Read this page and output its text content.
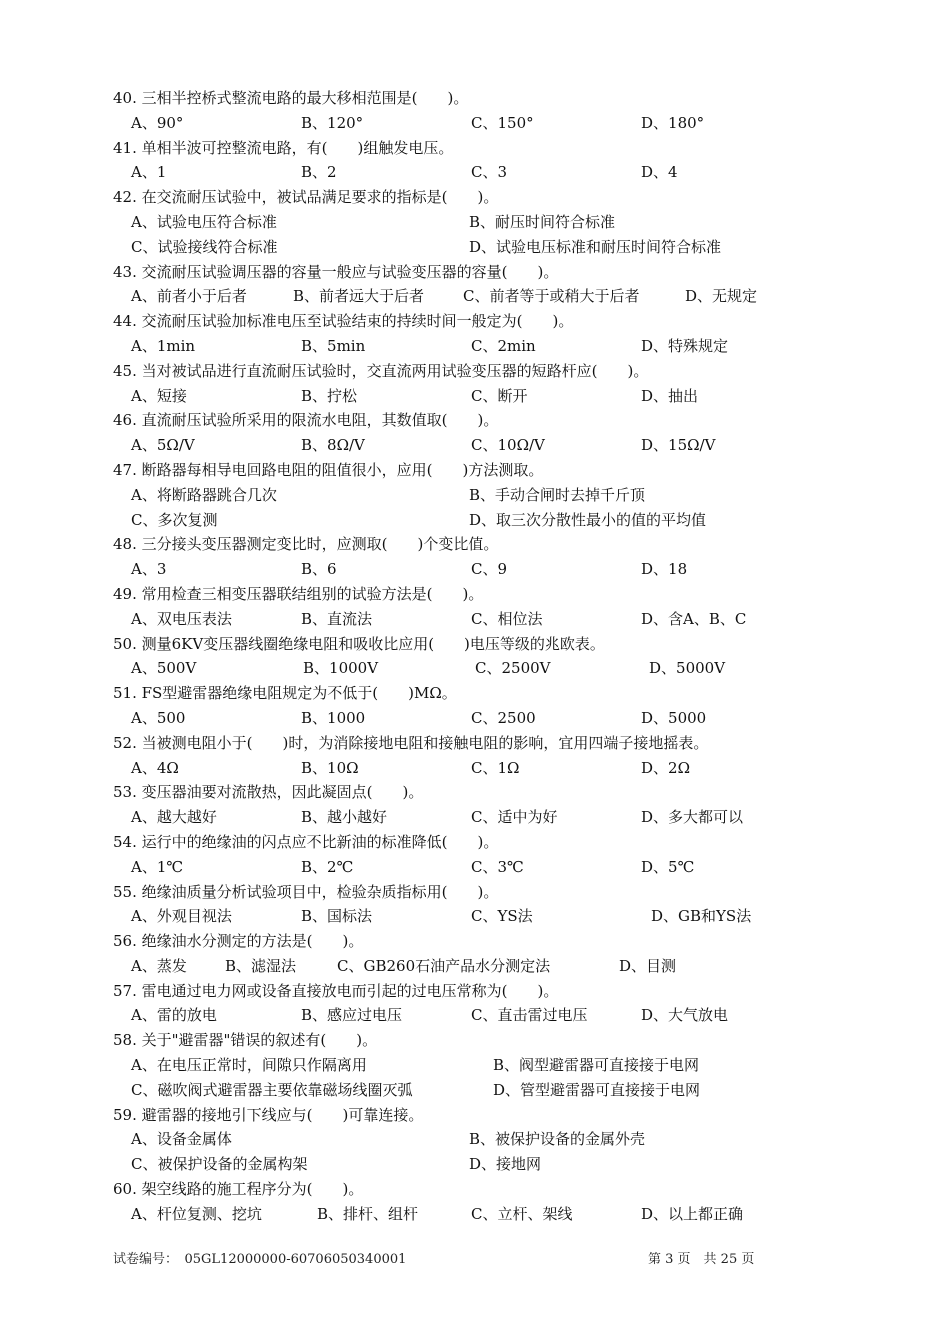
40. 三相半控桥式整流电路的最大移相范围是(　　)。
A、90°	B、120°	C、150°	D、180°
41. 单相半波可控整流电路，有(　　)组触发电压。
A、1	B、2	C、3	D、4
42. 在交流耐压试验中，被试品满足要求的指标是(　　)。
A、试验电压符合标准	B、耐压时间符合标准
C、试验接线符合标准	D、试验电压标准和耐压时间符合标准
43. 交流耐压试验调压器的容量一般应与试验变压器的容量(　　)。
A、前者小于后者	B、前者远大于后者	C、前者等于或稍大于后者	D、无规定
44. 交流耐压试验加标准电压至试验结束的持续时间一般定为(　　)。
A、1min	B、5min	C、2min	D、特殊规定
45. 当对被试品进行直流耐压试验时，交直流两用试验变压器的短路杆应(　　)。
A、短接	B、拧松	C、断开	D、抽出
46. 直流耐压试验所采用的限流水电阻，其数值取(　　)。
A、5Ω/V	B、8Ω/V	C、10Ω/V	D、15Ω/V
47. 断路器每相导电回路电阻的阻值很小，应用(　　)方法测取。
A、将断路器跳合几次	B、手动合闸时去掉千斤顶
C、多次复测	D、取三次分散性最小的值的平均值
48. 三分接头变压器测定变比时，应测取(　　)个变比值。
A、3	B、6	C、9	D、18
49. 常用检查三相变压器联结组别的试验方法是(　　)。
A、双电压表法	B、直流法	C、相位法	D、含A、B、C
50. 测量6KV变压器线圈绝缘电阻和吸收比应用(　　)电压等级的兆欧表。
A、500V	B、1000V	C、2500V	D、5000V
51. FS型避雷器绝缘电阻规定为不低于(　　)MΩ。
A、500	B、1000	C、2500	D、5000
52. 当被测电阻小于(　　)时，为消除接地电阻和接触电阻的影响，宜用四端子接地摇表。
A、4Ω	B、10Ω	C、1Ω	D、2Ω
53. 变压器油要对流散热，因此凝固点(　　)。
A、越大越好	B、越小越好	C、适中为好	D、多大都可以
54. 运行中的绝缘油的闪点应不比新油的标准降低(　　)。
A、1℃	B、2℃	C、3℃	D、5℃
55. 绝缘油质量分析试验项目中，检验杂质指标用(　　)。
A、外观目视法	B、国标法	C、YS法	D、GB和YS法
56. 绝缘油水分测定的方法是(　　)。
A、蒸发	B、滤湿法	C、GB260石油产品水分测定法	D、目测
57. 雷电通过电力网或设备直接放电而引起的过电压常称为(　　)。
A、雷的放电	B、感应过电压	C、直击雷过电压	D、大气放电
58. 关于"避雷器"错误的叙述有(　　)。
A、在电压正常时，间隙只作隔离用	B、阀型避雷器可直接接于电网
C、磁吹阀式避雷器主要依靠磁场线圈灭弧	D、管型避雷器可直接接于电网
59. 避雷器的接地引下线应与(　　)可靠连接。
A、设备金属体	B、被保护设备的金属外壳
C、被保护设备的金属构架	D、接地网
60. 架空线路的施工程序分为(　　)。
A、杆位复测、挖坑	B、排杆、组杆	C、立杆、架线	D、以上都正确
试卷编号：　05GL12000000-60706050340001	第 3 页　共 25 页
